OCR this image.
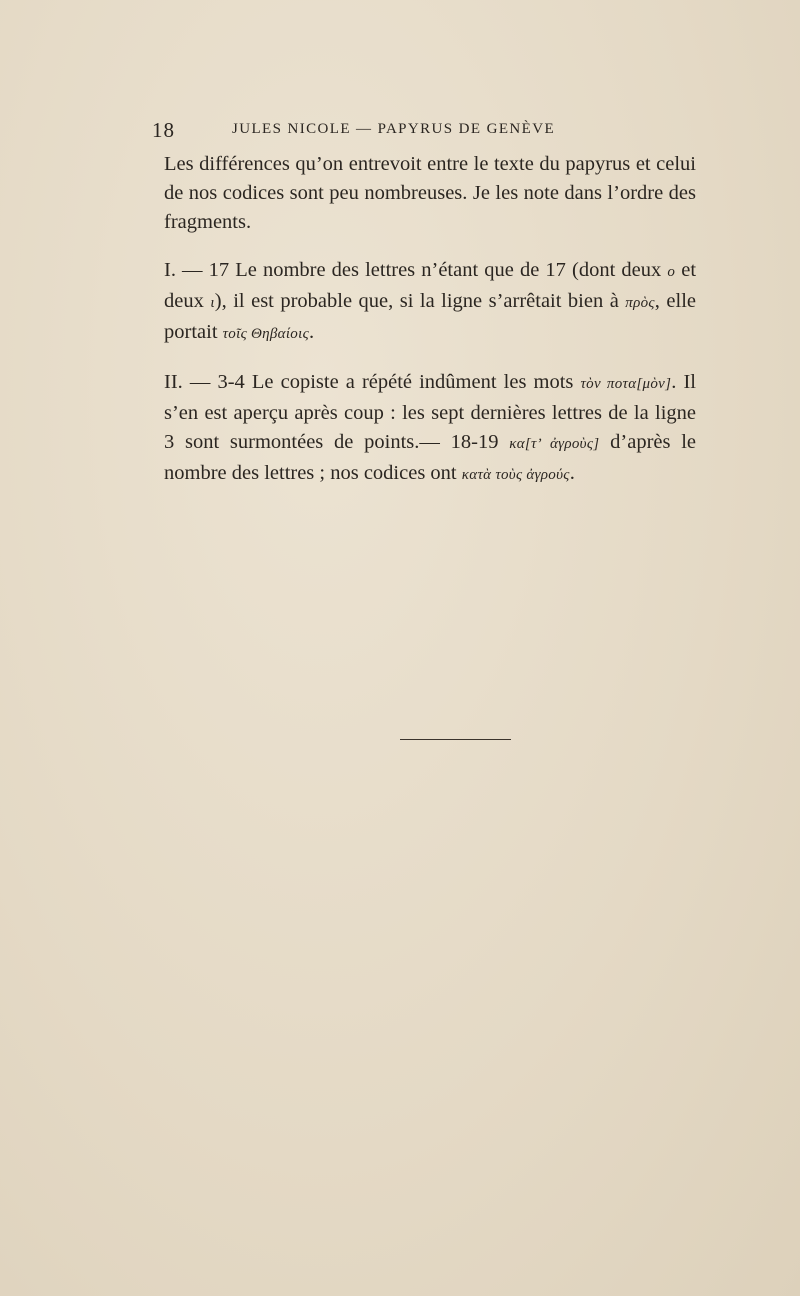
18	JULES NICOLE — PAPYRUS DE GENÈVE

Les différences qu’on entrevoit entre le texte du papyrus et celui de nos codices sont peu nombreuses. Je les note dans l’ordre des fragments.

I. — 17 Le nombre des lettres n’étant que de 17 (dont deux ο et deux ι), il est probable que, si la ligne s’arrêtait bien à πρὸς, elle portait τοῖς Θηβαίοις.

II. — 3-4 Le copiste a répété indûment les mots τὸν ποτα[μὸν]. Il s’en est aperçu après coup : les sept dernières lettres de la ligne 3 sont surmontées de points.— 18-19 κα[τ’ ἀγροὺς] d’après le nombre des lettres ; nos codices ont κατὰ τοὺς ἀγρούς.
